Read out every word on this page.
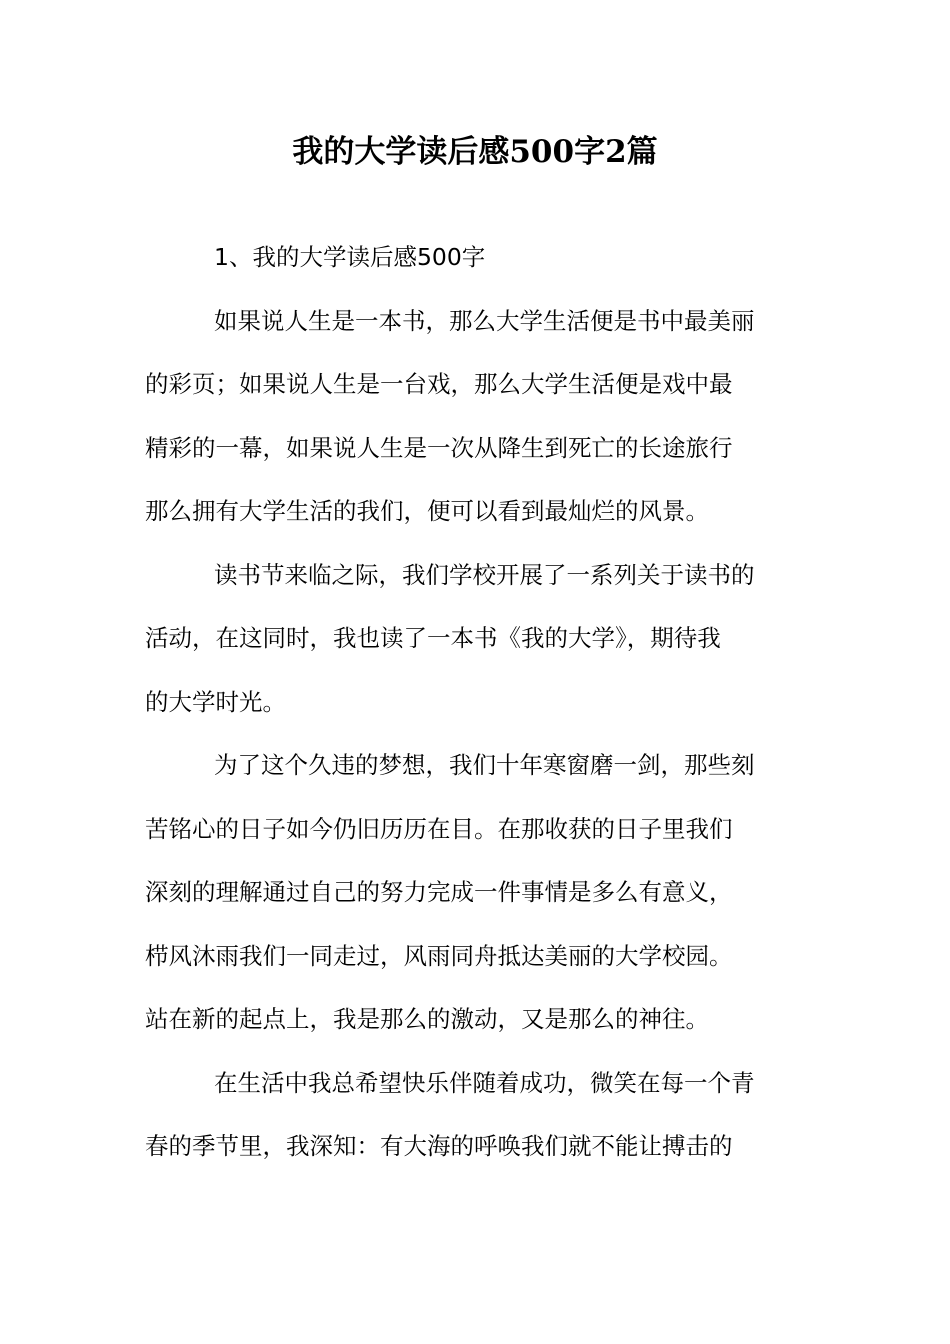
我的大学读后感500字2篇
1、我的大学读后感500字
如果说人生是一本书，那么大学生活便是书中最美丽
的彩页；如果说人生是一台戏，那么大学生活便是戏中最
精彩的一幕，如果说人生是一次从降生到死亡的长途旅行
那么拥有大学生活的我们，便可以看到最灿烂的风景。
读书节来临之际，我们学校开展了一系列关于读书的
活动，在这同时，我也读了一本书《我的大学》，期待我
的大学时光。
为了这个久违的梦想，我们十年寒窗磨一剑，那些刻
苦铭心的日子如今仍旧历历在目。在那收获的日子里我们
深刻的理解通过自己的努力完成一件事情是多么有意义，
栉风沐雨我们一同走过，风雨同舟抵达美丽的大学校园。
站在新的起点上，我是那么的激动，又是那么的神往。
在生活中我总希望快乐伴随着成功，微笑在每一个青
春的季节里，我深知：有大海的呼唤我们就不能让搏击的
